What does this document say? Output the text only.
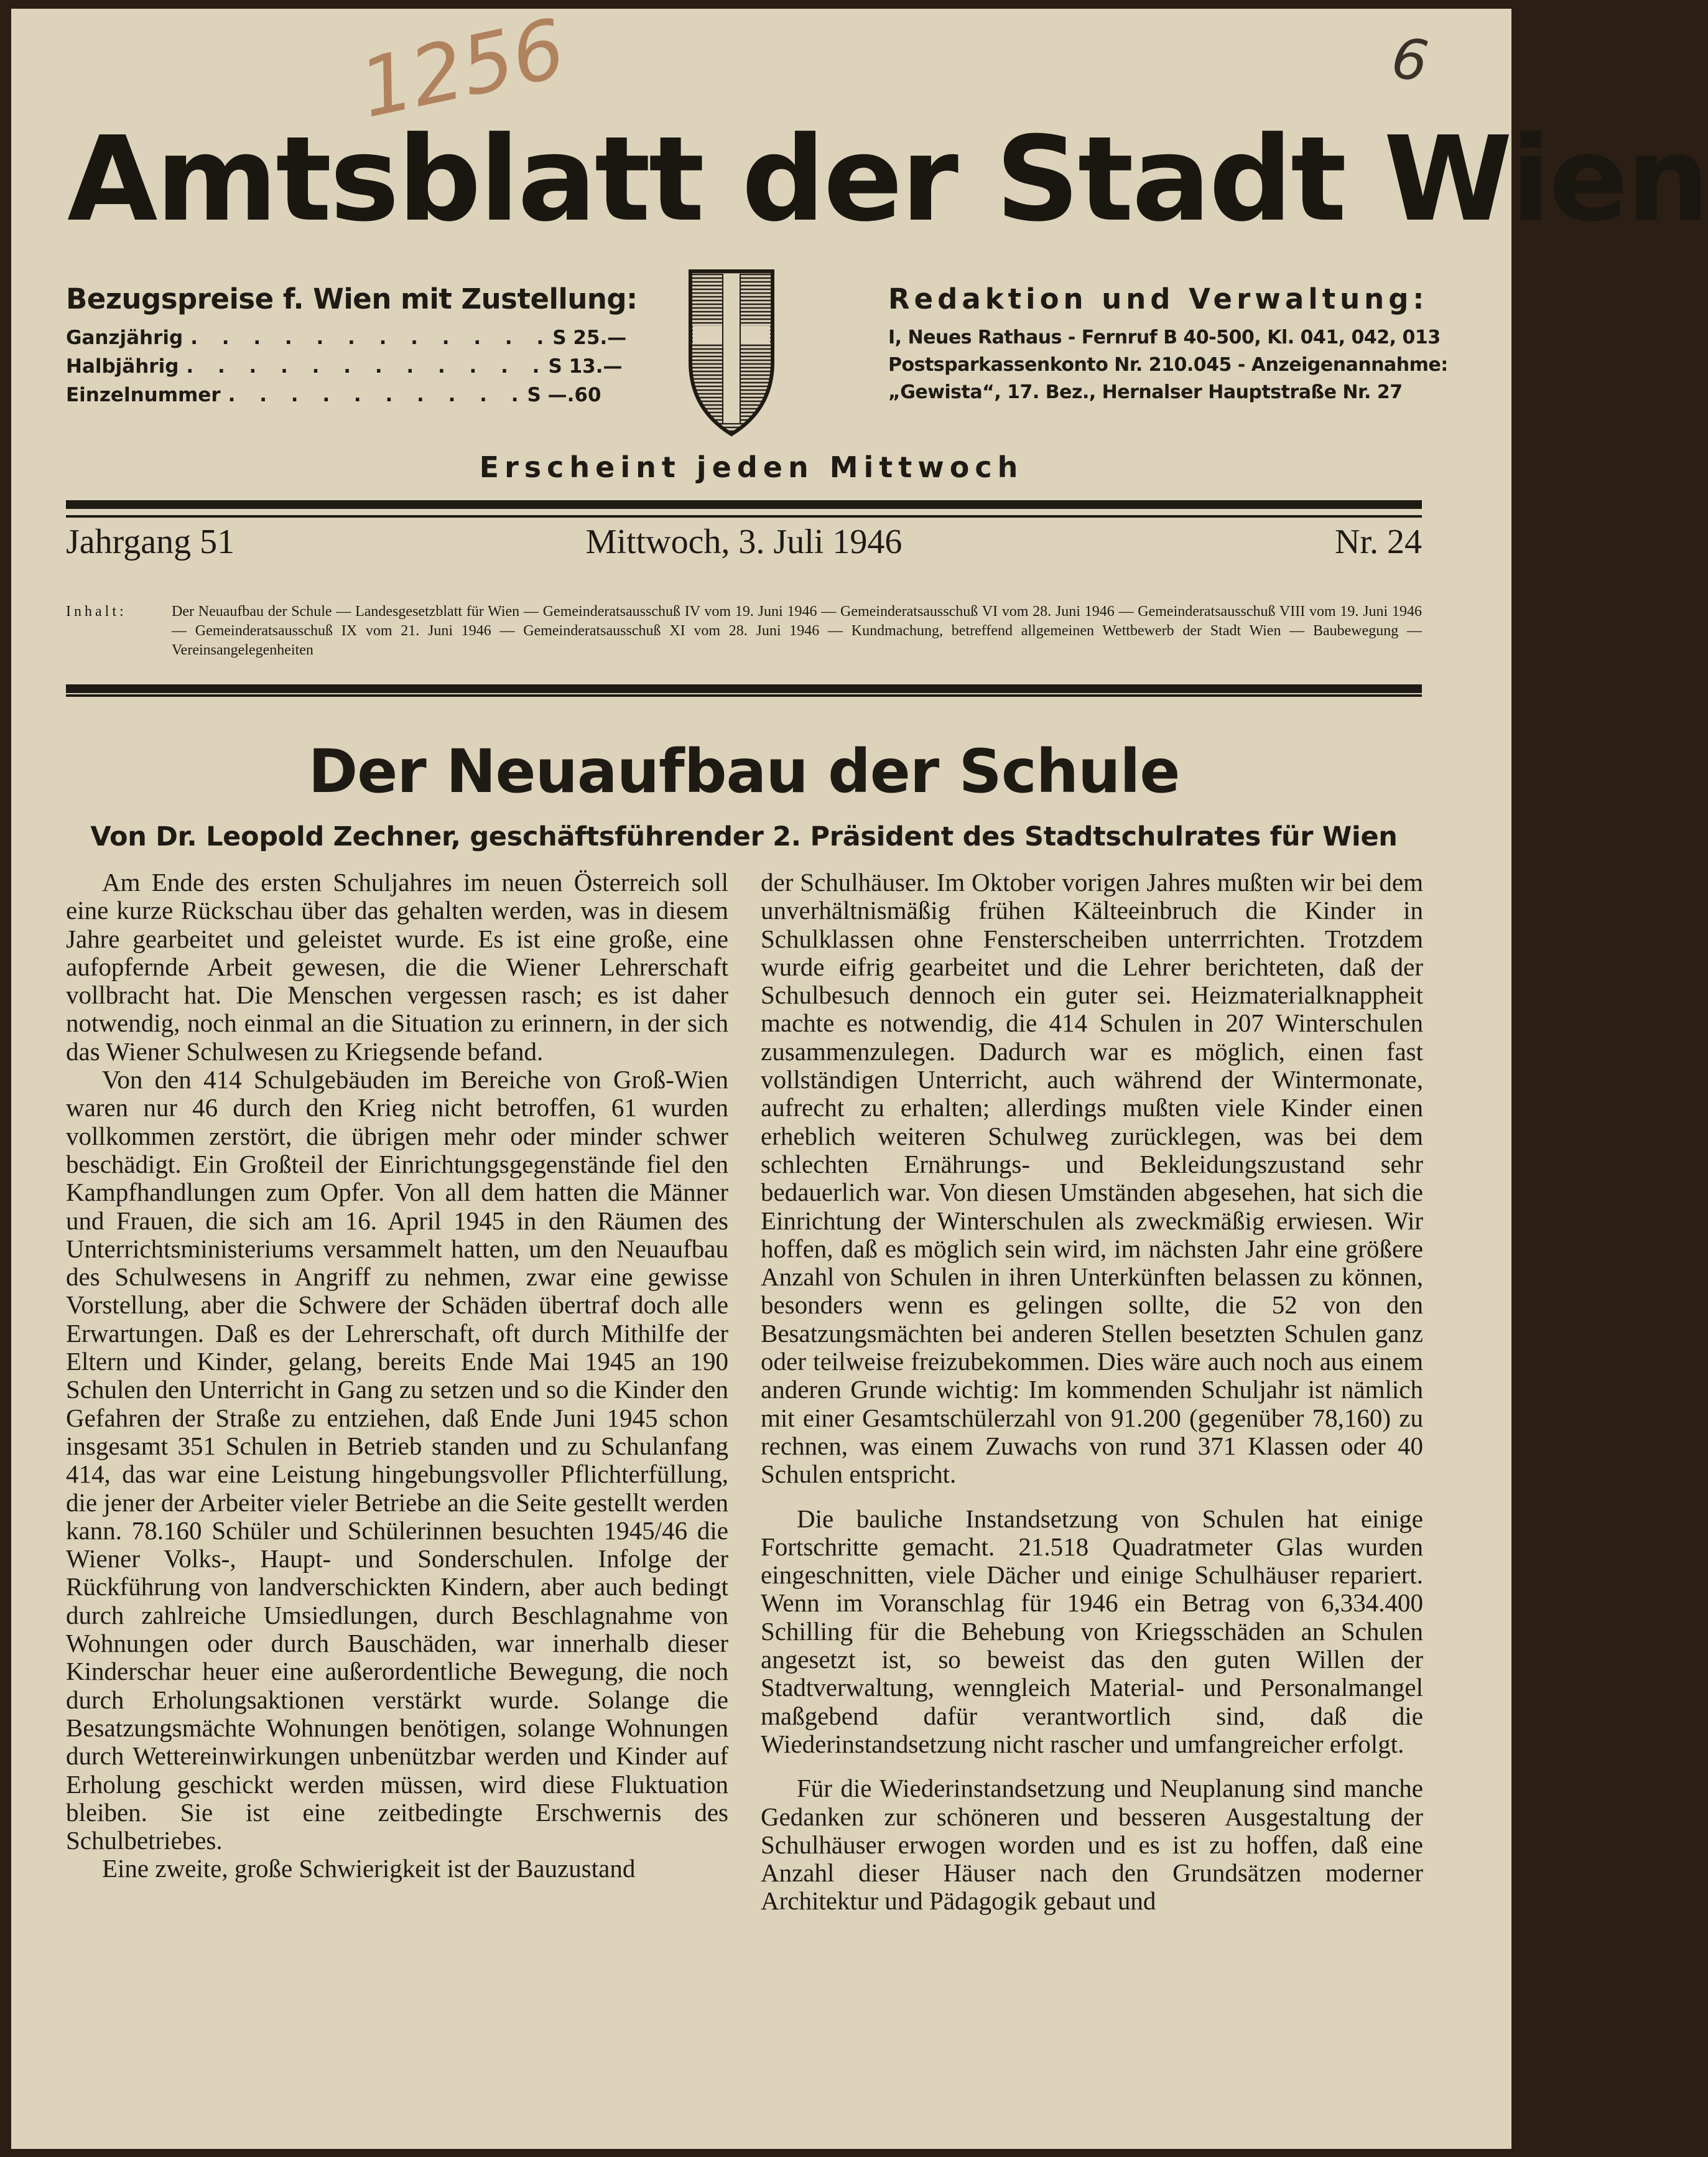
1256	6
Amtsblatt der Stadt Wien
Bezugspreise f. Wien mit Zustellung:
Ganzjährig . . . . . . . . . . . . S 25.—
Halbjährig . . . . . . . . . . . . S 13.—
Einzelnummer . . . . . . . . . . S —.60
Redaktion und Verwaltung:
I, Neues Rathaus - Fernruf B 40-500, Kl. 041, 042, 013
Postsparkassenkonto Nr. 210.045 - Anzeigenannahme:
„Gewista“, 17. Bez., Hernalser Hauptstraße Nr. 27
Erscheint jeden Mittwoch
Jahrgang 51	Mittwoch, 3. Juli 1946	Nr. 24
Inhalt:	Der Neuaufbau der Schule — Landesgesetzblatt für Wien — Gemeinderatsausschuß IV vom 19. Juni 1946 — Gemeinderatsausschuß VI vom 28. Juni 1946 — Gemeinderatsausschuß VIII vom 19. Juni 1946 — Gemeinderatsausschuß IX vom 21. Juni 1946 — Gemeinderatsausschuß XI vom 28. Juni 1946 — Kundmachung, betreffend allgemeinen Wettbewerb der Stadt Wien — Baubewegung — Vereinsangelegenheiten
Der Neuaufbau der Schule
Von Dr. Leopold Zechner, geschäftsführender 2. Präsident des Stadtschulrates für Wien

Am Ende des ersten Schuljahres im neuen Österreich soll eine kurze Rückschau über das gehalten werden, was in diesem Jahre gearbeitet und geleistet wurde. Es ist eine große, eine aufopfernde Arbeit gewesen, die die Wiener Lehrerschaft vollbracht hat. Die Menschen vergessen rasch; es ist daher notwendig, noch einmal an die Situation zu erinnern, in der sich das Wiener Schulwesen zu Kriegsende befand.

Von den 414 Schulgebäuden im Bereiche von Groß-Wien waren nur 46 durch den Krieg nicht betroffen, 61 wurden vollkommen zerstört, die übrigen mehr oder minder schwer beschädigt. Ein Großteil der Einrichtungsgegenstände fiel den Kampfhandlungen zum Opfer. Von all dem hatten die Männer und Frauen, die sich am 16. April 1945 in den Räumen des Unterrichtsministeriums versammelt hatten, um den Neuaufbau des Schulwesens in Angriff zu nehmen, zwar eine gewisse Vorstellung, aber die Schwere der Schäden übertraf doch alle Erwartungen. Daß es der Lehrerschaft, oft durch Mithilfe der Eltern und Kinder, gelang, bereits Ende Mai 1945 an 190 Schulen den Unterricht in Gang zu setzen und so die Kinder den Gefahren der Straße zu entziehen, daß Ende Juni 1945 schon insgesamt 351 Schulen in Betrieb standen und zu Schulanfang 414, das war eine Leistung hingebungsvoller Pflichterfüllung, die jener der Arbeiter vieler Betriebe an die Seite gestellt werden kann. 78.160 Schüler und Schülerinnen besuchten 1945/46 die Wiener Volks-, Haupt- und Sonderschulen. Infolge der Rückführung von landverschickten Kindern, aber auch bedingt durch zahlreiche Umsiedlungen, durch Beschlagnahme von Wohnungen oder durch Bauschäden, war innerhalb dieser Kinderschar heuer eine außerordentliche Bewegung, die noch durch Erholungsaktionen verstärkt wurde. Solange die Besatzungsmächte Wohnungen benötigen, solange Wohnungen durch Wettereinwirkungen unbenützbar werden und Kinder auf Erholung geschickt werden müssen, wird diese Fluktuation bleiben. Sie ist eine zeitbedingte Erschwernis des Schulbetriebes.

Eine zweite, große Schwierigkeit ist der Bauzustand

der Schulhäuser. Im Oktober vorigen Jahres mußten wir bei dem unverhältnismäßig frühen Kälteeinbruch die Kinder in Schulklassen ohne Fensterscheiben unterrrichten. Trotzdem wurde eifrig gearbeitet und die Lehrer berichteten, daß der Schulbesuch dennoch ein guter sei. Heizmaterialknappheit machte es notwendig, die 414 Schulen in 207 Winterschulen zusammenzulegen. Dadurch war es möglich, einen fast vollständigen Unterricht, auch während der Wintermonate, aufrecht zu erhalten; allerdings mußten viele Kinder einen erheblich weiteren Schulweg zurücklegen, was bei dem schlechten Ernährungs- und Bekleidungszustand sehr bedauerlich war. Von diesen Umständen abgesehen, hat sich die Einrichtung der Winterschulen als zweckmäßig erwiesen. Wir hoffen, daß es möglich sein wird, im nächsten Jahr eine größere Anzahl von Schulen in ihren Unterkünften belassen zu können, besonders wenn es gelingen sollte, die 52 von den Besatzungsmächten bei anderen Stellen besetzten Schulen ganz oder teilweise freizubekommen. Dies wäre auch noch aus einem anderen Grunde wichtig: Im kommenden Schuljahr ist nämlich mit einer Gesamtschülerzahl von 91.200 (gegenüber 78,160) zu rechnen, was einem Zuwachs von rund 371 Klassen oder 40 Schulen entspricht.

Die bauliche Instandsetzung von Schulen hat einige Fortschritte gemacht. 21.518 Quadratmeter Glas wurden eingeschnitten, viele Dächer und einige Schulhäuser repariert. Wenn im Voranschlag für 1946 ein Betrag von 6,334.400 Schilling für die Behebung von Kriegsschäden an Schulen angesetzt ist, so beweist das den guten Willen der Stadtverwaltung, wenngleich Material- und Personalmangel maßgebend dafür verantwortlich sind, daß die Wiederinstandsetzung nicht rascher und umfangreicher erfolgt.

Für die Wiederinstandsetzung und Neuplanung sind manche Gedanken zur schöneren und besseren Ausgestaltung der Schulhäuser erwogen worden und es ist zu hoffen, daß eine Anzahl dieser Häuser nach den Grundsätzen moderner Architektur und Pädagogik gebaut und
